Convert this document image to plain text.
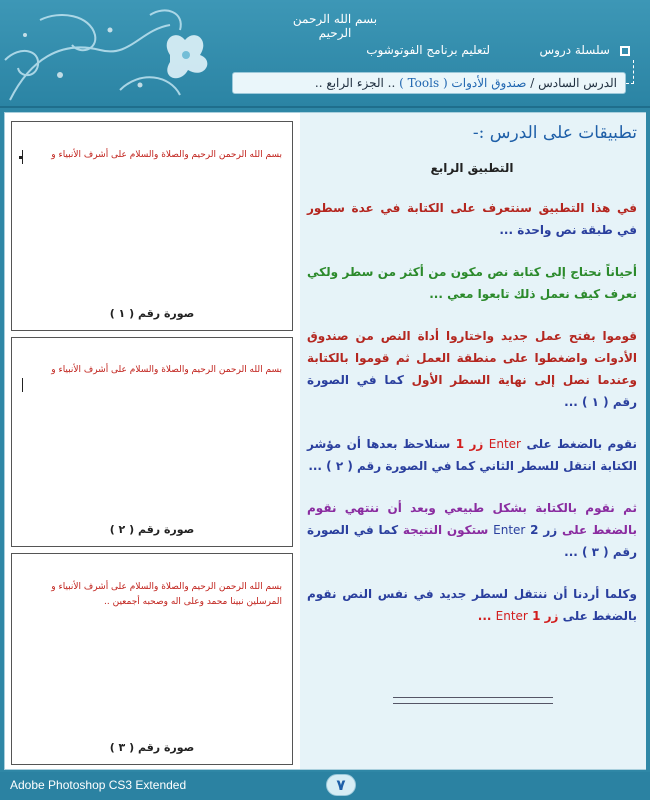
بسم الله الرحمن الرحيم
سلسلة دروس
لتعليم برنامج الفوتوشوب
الدرس السادس / صندوق الأدوات ( Tools ) .. الجزء الرابع ..
بسم الله الرحمن الرحيم والصلاة والسلام على أشرف الأنبياء و
صورة رقم ( ١ )
بسم الله الرحمن الرحيم والصلاة والسلام على أشرف الأنبياء و
صورة رقم ( ٢ )
بسم الله الرحمن الرحيم والصلاة والسلام على أشرف الأنبياء و
المرسلين نبينا محمد وعلى اله وصحبه أجمعين ..
صورة رقم ( ٣ )
تطبيقات على الدرس :-
التطبيق الرابع

في هذا التطبيق سنتعرف على الكتابة في عدة سطور في طبقة نص واحدة ...

أحياناً نحتاج إلى كتابة نص مكون من أكثر من سطر ولكي نعرف كيف نعمل ذلك تابعوا معي ...

قوموا بفتح عمل جديد واختاروا أداة النص من صندوق الأدوات واضغطوا على منطقة العمل ثم قوموا بالكتابة وعندما نصل إلى نهاية السطر الأول كما في الصورة رقم ( ١ ) ...

نقوم بالضغط على Enter زر 1 سنلاحظ بعدها أن مؤشر الكتابة انتقل للسطر الثاني كما في الصورة رقم ( ٢ ) ...

ثم نقوم بالكتابة بشكل طبيعي وبعد أن ننتهي نقوم بالضغط على زر 2 Enter ستكون النتيجة كما في الصورة رقم ( ٣ ) ...

وكلما أردنا أن ننتقل لسطر جديد في نفس النص نقوم بالضغط على زر 1 Enter ...

Adobe Photoshop CS3 Extended	٧
